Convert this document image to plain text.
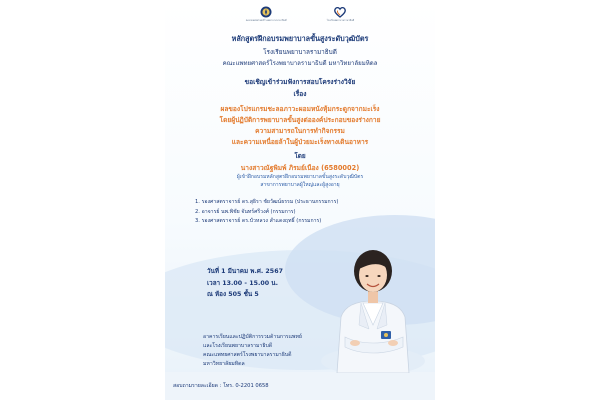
คณะแพทยศาสตร์โรงพยาบาลรามาธิบดี	โรงเรียนพยาบาลรามาธิบดี
หลักสูตรฝึกอบรมพยาบาลขั้นสูงระดับวุฒิบัตร
โรงเรียนพยาบาลรามาธิบดี
คณะแพทยศาสตร์โรงพยาบาลรามาธิบดี มหาวิทยาลัยมหิดล
ขอเชิญเข้าร่วมฟังการสอบโครงร่างวิจัย
เรื่อง
ผลของโปรแกรมชะลอภาวะผอมหนังหุ้มกระดูกจากมะเร็ง
โดยผู้ปฏิบัติการพยาบาลขั้นสูงต่อองค์ประกอบของร่างกาย
ความสามารถในการทำกิจกรรม
และความเหนื่อยล้าในผู้ป่วยมะเร็งทางเดินอาหาร
โดย
นางสาวณัฐพิมพ์ ภิรมย์เนือง (6580002)
ผู้เข้าฝึกอบรมหลักสูตรฝึกอบรมพยาบาลขั้นสูงระดับวุฒิบัตร
สาขาการพยาบาลผู้ใหญ่และผู้สูงอายุ
1. รองศาสตราจารย์ ดร.สุธิรา ชัยวัฒน์ธรรม (ประธานกรรมการ)
2. อาจารย์ นพ.พิชัย จันทร์ศรีวงศ์ (กรรมการ)
3. รองศาสตราจารย์ ดร.บัวหลวง สำแดงฤทธิ์ (กรรมการ)
วันที่ 1 มีนาคม พ.ศ. 2567
เวลา 13.00 - 15.00 น.
ณ ห้อง 505 ชั้น 5
อาคารเรียนและปฏิบัติการรวมด้านการแพทย์
และโรงเรียนพยาบาลรามาธิบดี
คณะแพทยศาสตร์โรงพยาบาลรามาธิบดี
มหาวิทยาลัยมหิดล
สอบถามรายละเอียด : โทร. 0-2201 0658
